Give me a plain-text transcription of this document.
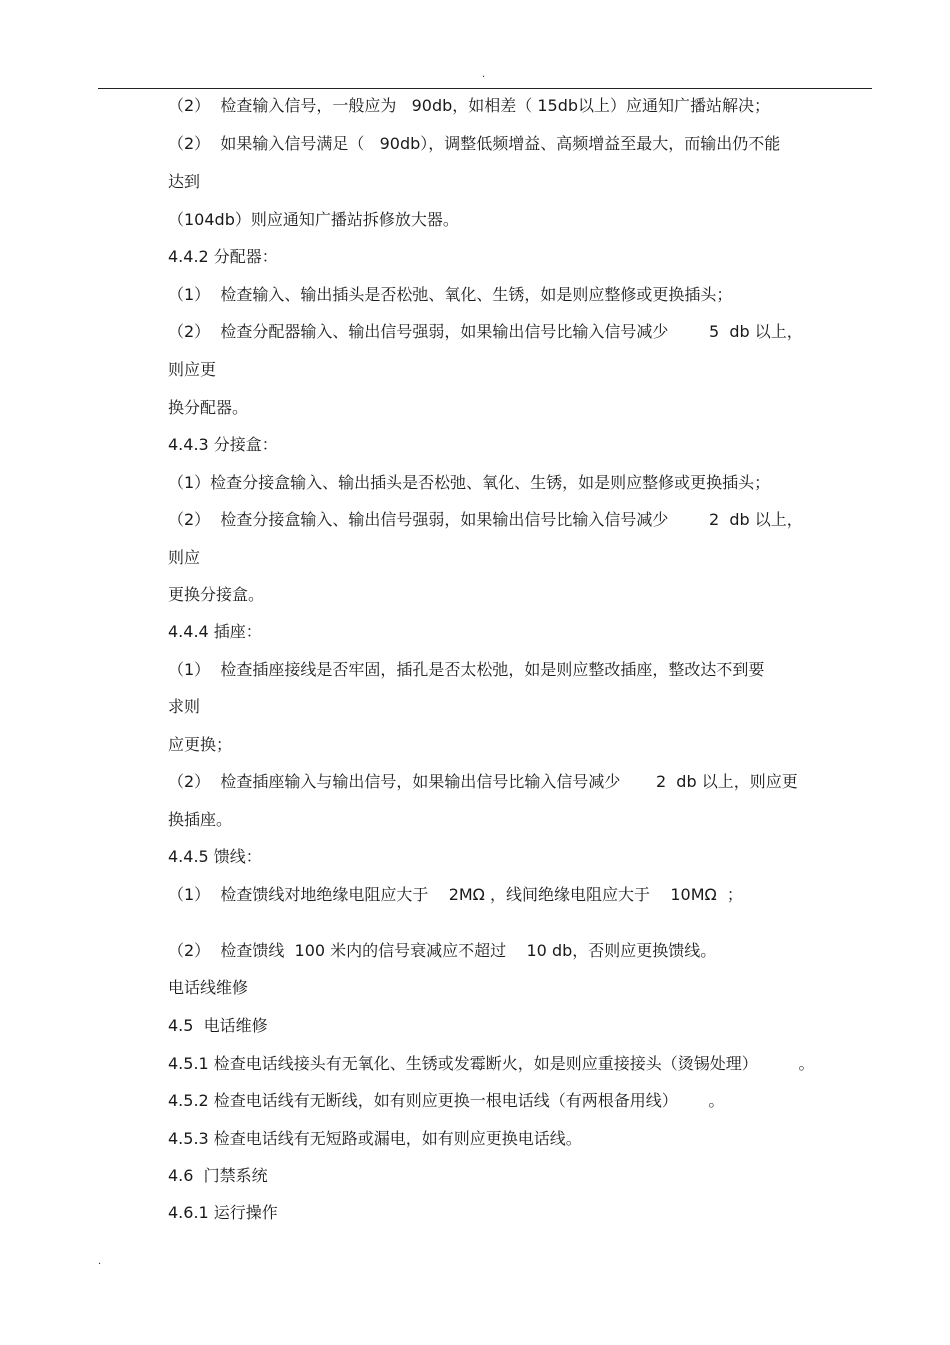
.
（2）  检查输入信号，一般应为   90db，如相差（ 15db以上）应通知广播站解决；
（2）  如果输入信号满足（   90db），调整低频增益、高频增益至最大，而输出仍不能
达到
（104db）则应通知广播站拆修放大器。
4.4.2 分配器：
（1）  检查输入、输出插头是否松弛、氧化、生锈，如是则应整修或更换插头；
（2）  检查分配器输入、输出信号强弱，如果输出信号比输入信号减少        5  db 以上，
则应更
换分配器。
4.4.3 分接盒：
（1）检查分接盒输入、输出插头是否松弛、氧化、生锈，如是则应整修或更换插头；
（2）  检查分接盒输入、输出信号强弱，如果输出信号比输入信号减少        2  db 以上，
则应
更换分接盒。
4.4.4 插座：
（1）  检查插座接线是否牢固，插孔是否太松弛，如是则应整改插座，整改达不到要
求则
应更换；
（2）  检查插座输入与输出信号，如果输出信号比输入信号减少       2  db 以上，则应更
换插座。
4.4.5 馈线：
（1）  检查馈线对地绝缘电阻应大于    2MΩ ，线间绝缘电阻应大于    10MΩ  ；
（2）  检查馈线  100 米内的信号衰减应不超过    10 db，否则应更换馈线。
电话线维修
4.5  电话维修
4.5.1 检查电话线接头有无氧化、生锈或发霉断火，如是则应重接接头（烫锡处理）        。
4.5.2 检查电话线有无断线，如有则应更换一根电话线（有两根备用线）      。
4.5.3 检查电话线有无短路或漏电，如有则应更换电话线。
4.6  门禁系统
4.6.1 运行操作
.
